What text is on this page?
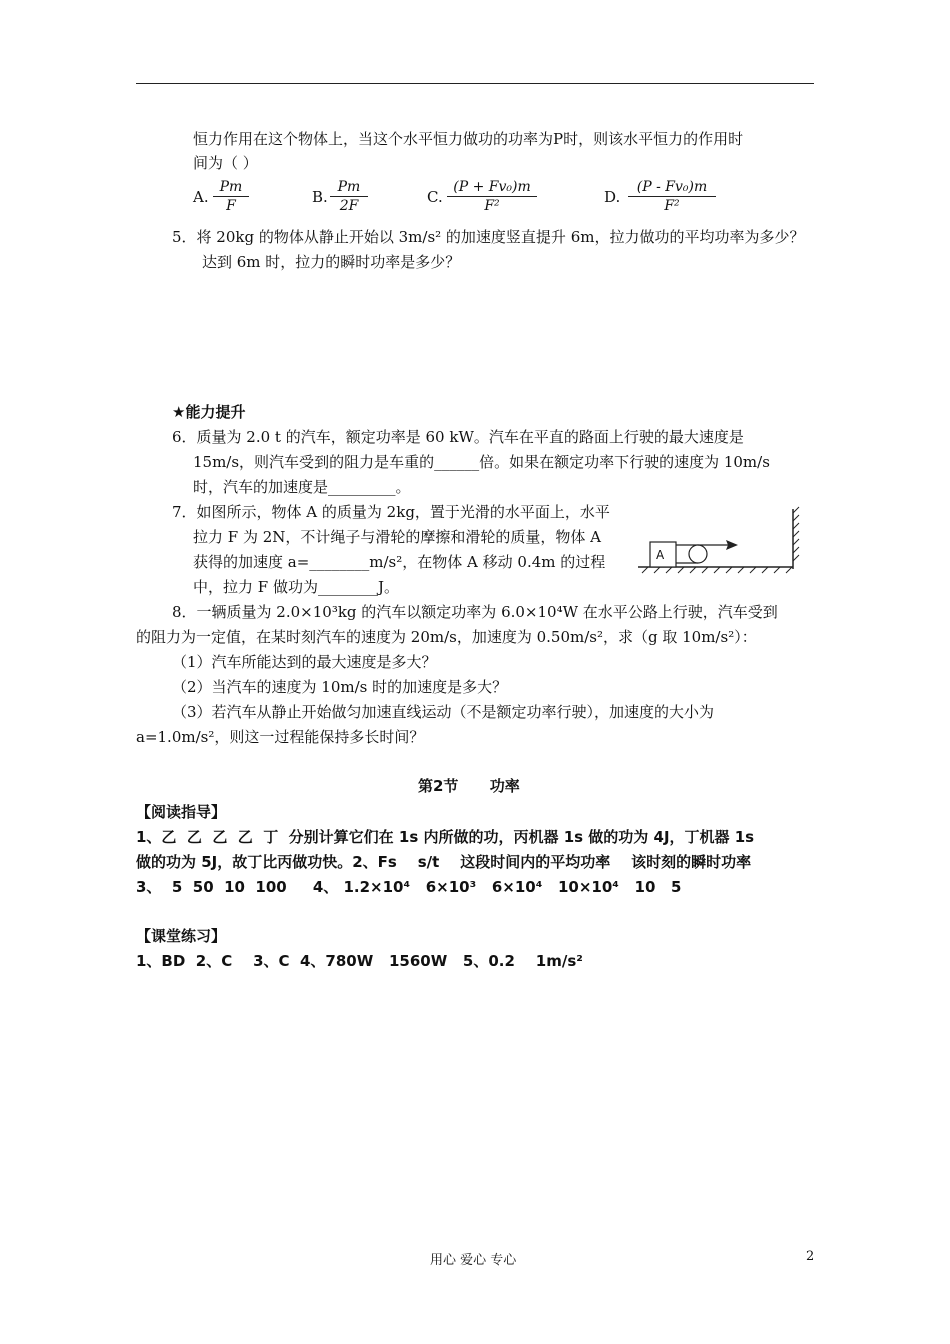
恒力作用在这个物体上，当这个水平恒力做功的功率为P时，则该水平恒力的作用时
间为（ ）
A. $\frac{Pm}{F}$	B. $\frac{Pm}{2F}$	C. $\frac{\text{(P + Fv₀)m}}{\text{F²}}$	D. $\frac{\text{(P - Fv₀)m}}{\text{F²}}$
5．将 20kg 的物体从静止开始以 3m/s² 的加速度竖直提升 6m，拉力做功的平均功率为多少？
达到 6m 时，拉力的瞬时功率是多少？
★能力提升
6．质量为 2.0 t 的汽车，额定功率是 60 kW。汽车在平直的路面上行驶的最大速度是
15m/s，则汽车受到的阻力是车重的______倍。如果在额定功率下行驶的速度为 10m/s
时，汽车的加速度是_________。
7．如图所示，物体 A 的质量为 2kg，置于光滑的水平面上，水平
拉力 F 为 2N，不计绳子与滑轮的摩擦和滑轮的质量，物体 A
获得的加速度 a=________m/s²，在物体 A 移动 0.4m 的过程
中，拉力 F 做功为________J。
A
8．一辆质量为 2.0×10³kg 的汽车以额定功率为 6.0×10⁴W 在水平公路上行驶，汽车受到
的阻力为一定值，在某时刻汽车的速度为 20m/s，加速度为 0.50m/s²，求（g 取 10m/s²）：
（1）汽车所能达到的最大速度是多大？
（2）当汽车的速度为 10m/s 时的加速度是多大？
（3）若汽车从静止开始做匀加速直线运动（不是额定功率行驶），加速度的大小为
a=1.0m/s²，则这一过程能保持多长时间？
第2节      功率
【阅读指导】
1、乙  乙  乙  乙  丁  分别计算它们在 1s 内所做的功，丙机器 1s 做的功为 4J，丁机器 1s
做的功为 5J，故丁比丙做功快。2、Fs    s/t    这段时间内的平均功率    该时刻的瞬时功率
3、  5  50  10  100     4、 1.2×10⁴   6×10³   6×10⁴   10×10⁴   10   5
【课堂练习】
1、BD  2、C    3、C  4、780W   1560W   5、0.2    1m/s²
用心 爱心 专心	2
